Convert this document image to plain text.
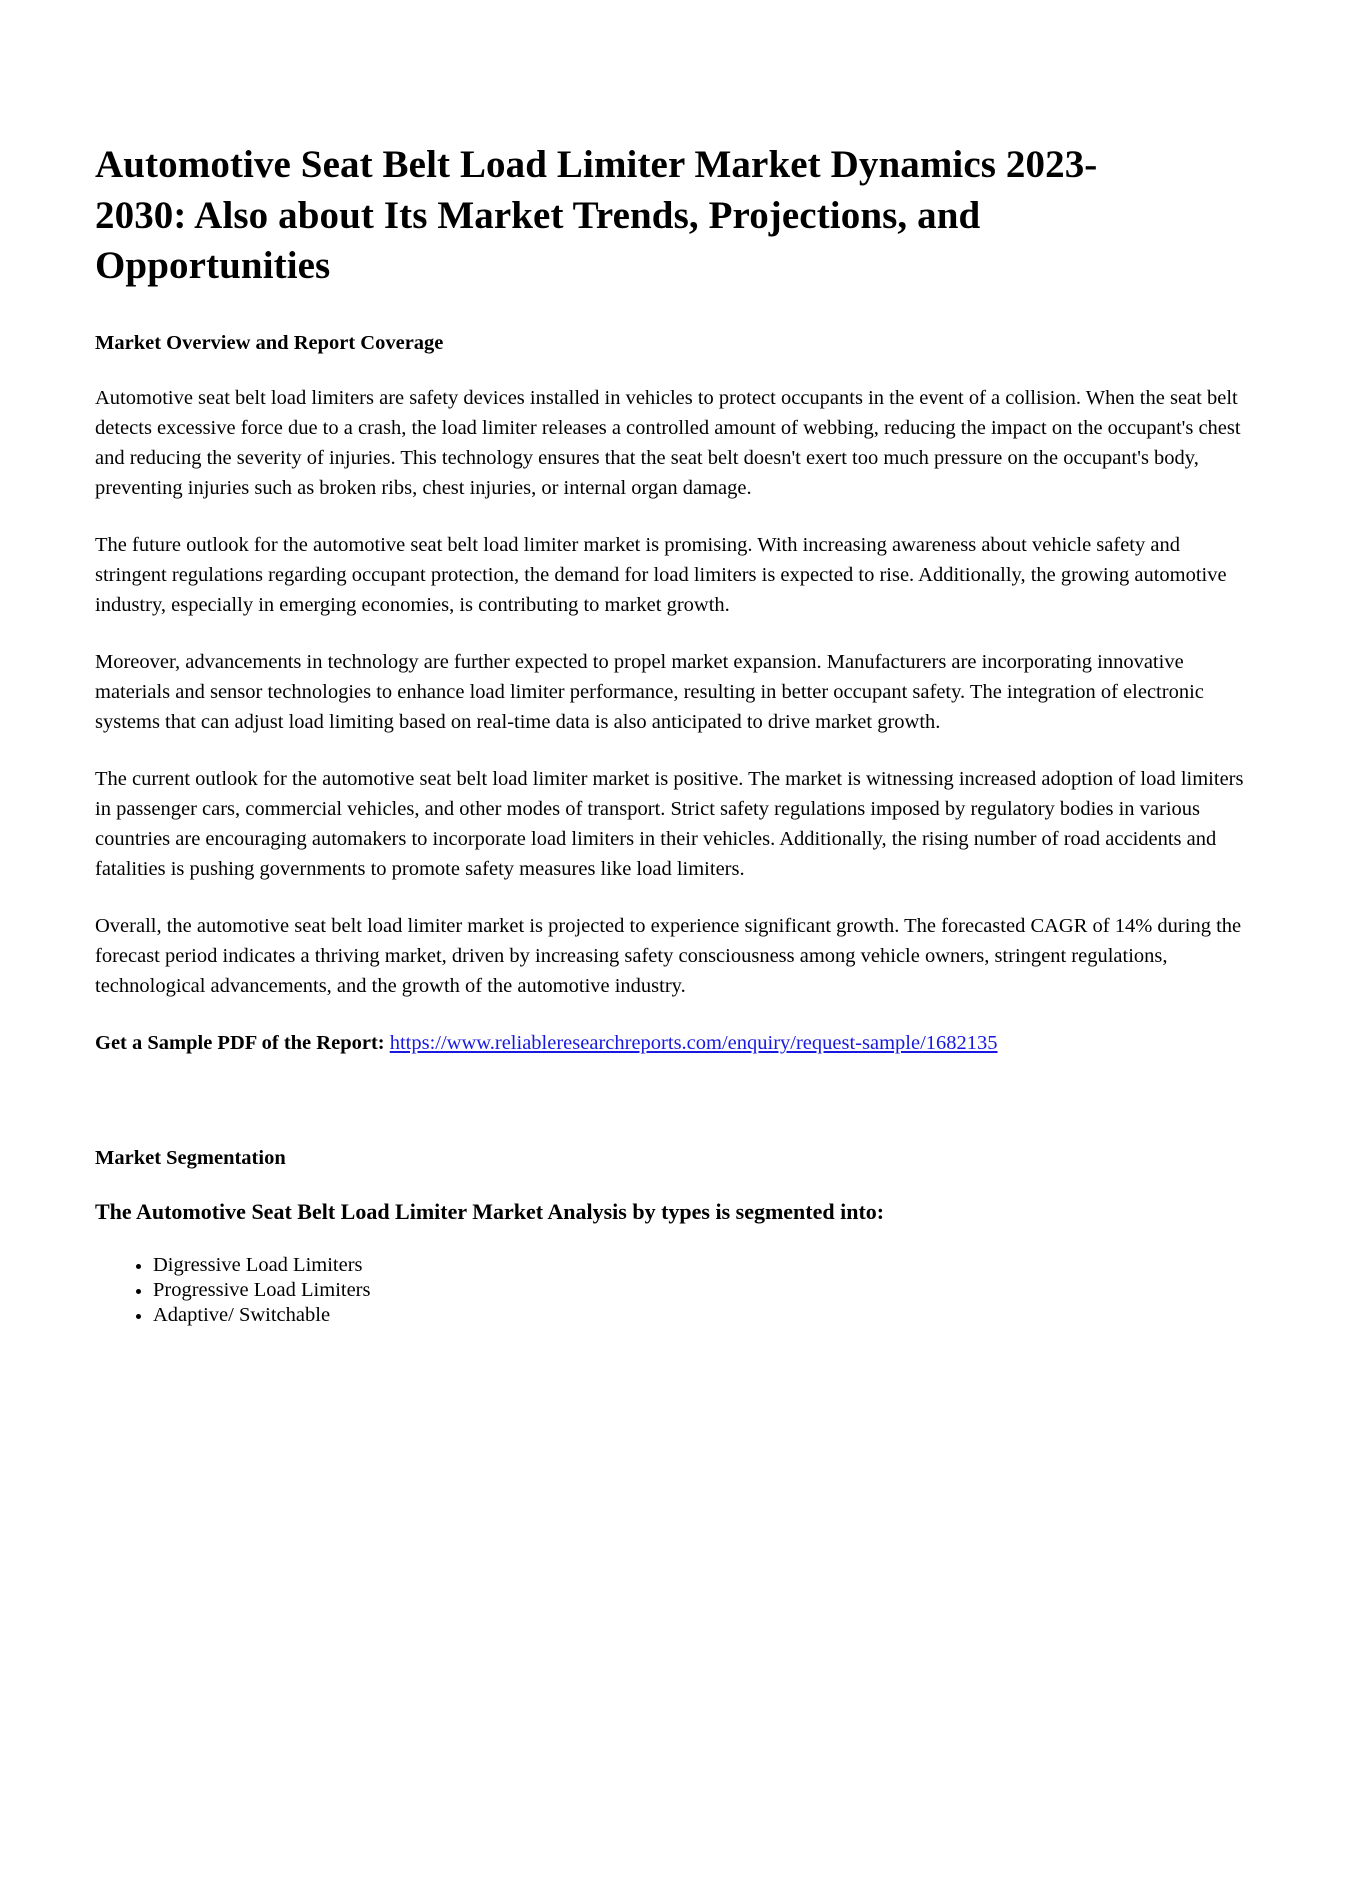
Automotive Seat Belt Load Limiter Market Dynamics 2023-2030: Also about Its Market Trends, Projections, and Opportunities
Market Overview and Report Coverage

Automotive seat belt load limiters are safety devices installed in vehicles to protect occupants in the event of a collision. When the seat belt detects excessive force due to a crash, the load limiter releases a controlled amount of webbing, reducing the impact on the occupant's chest and reducing the severity of injuries. This technology ensures that the seat belt doesn't exert too much pressure on the occupant's body, preventing injuries such as broken ribs, chest injuries, or internal organ damage.

The future outlook for the automotive seat belt load limiter market is promising. With increasing awareness about vehicle safety and stringent regulations regarding occupant protection, the demand for load limiters is expected to rise. Additionally, the growing automotive industry, especially in emerging economies, is contributing to market growth.

Moreover, advancements in technology are further expected to propel market expansion. Manufacturers are incorporating innovative materials and sensor technologies to enhance load limiter performance, resulting in better occupant safety. The integration of electronic systems that can adjust load limiting based on real-time data is also anticipated to drive market growth.

The current outlook for the automotive seat belt load limiter market is positive. The market is witnessing increased adoption of load limiters in passenger cars, commercial vehicles, and other modes of transport. Strict safety regulations imposed by regulatory bodies in various countries are encouraging automakers to incorporate load limiters in their vehicles. Additionally, the rising number of road accidents and fatalities is pushing governments to promote safety measures like load limiters.

Overall, the automotive seat belt load limiter market is projected to experience significant growth. The forecasted CAGR of 14% during the forecast period indicates a thriving market, driven by increasing safety consciousness among vehicle owners, stringent regulations, technological advancements, and the growth of the automotive industry.

Get a Sample PDF of the Report: https://www.reliableresearchreports.com/enquiry/request-sample/1682135

Market Segmentation
The Automotive Seat Belt Load Limiter Market Analysis by types is segmented into:
• Digressive Load Limiters
• Progressive Load Limiters
• Adaptive/ Switchable
